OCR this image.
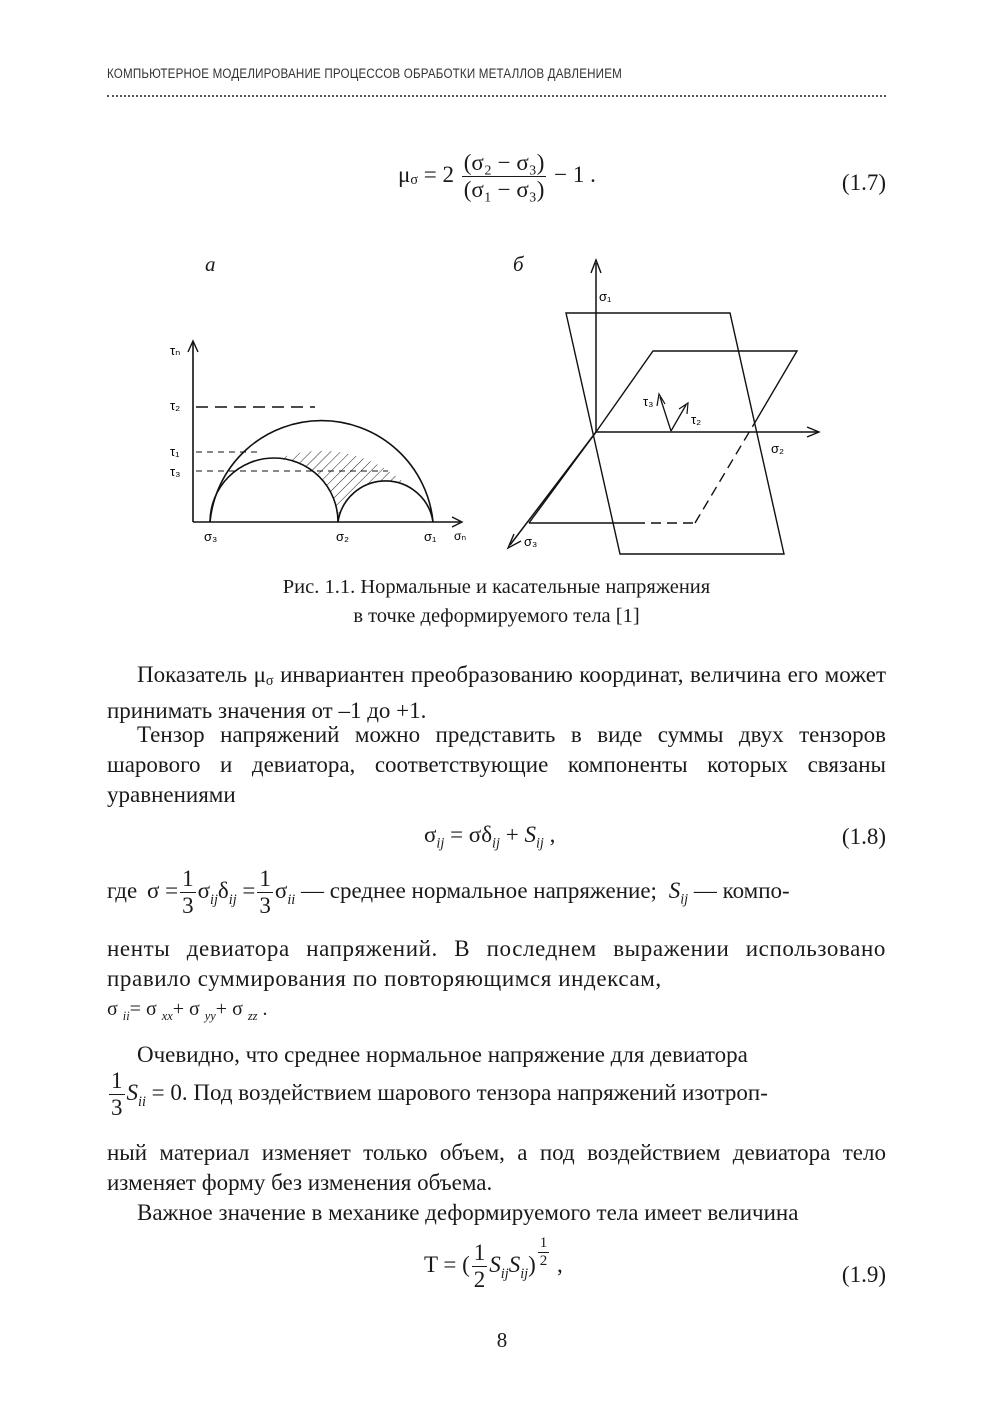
КОМПЬЮТЕРНОЕ МОДЕЛИРОВАНИЕ ПРОЦЕССОВ ОБРАБОТКИ МЕТАЛЛОВ ДАВЛЕНИЕМ
$\mu_\sigma = 2 \frac{\text{(σ₂ − σ₃)}}{\text{(σ₁ − σ₃)}} - 1$ .	(1.7)
а	б
τₙ
τ₂
τ₁
τ₃
σ₃	σ₂	σ₁ σₙ
σ₁
σ₂
σ₃
τ₃
τ₂
Рис. 1.1. Нормальные и касательные напряжения
в точке деформируемого тела [1]
Показатель $\mu_\sigma$ инвариантен преобразованию координат, величина его может принимать значения от –1 до +1.
Тензор напряжений можно представить в виде суммы двух тензоров шарового и девиатора, соответствующие компоненты которых связаны уравнениями
$\sigma_{ij} = \sigma\delta_{ij} + S_{ij}$ ,	(1.8)
где $\sigma = \frac{1}{3} \sigma_{ij}\delta_{ij} = \frac{1}{3} \sigma_{ii}$ — среднее нормальное напряжение; $S_{ij}$ — компо-
ненты девиатора напряжений. В последнем выражении использовано правило суммирования по повторяющимся индексам,
σ $_{ii}$= σ $_{xx}$+ σ $_{yy}$+ σ $_{zz}$ .
Очевидно, что среднее нормальное напряжение для девиатора
$\frac{1}{3} S_{ii} = 0$. Под воздействием шарового тензора напряжений изотроп-
ный материал изменяет только объем, а под воздействием девиатора тело изменяет форму без изменения объема.
Важное значение в механике деформируемого тела имеет величина
T = ( $\frac{1}{2} S_{ij}S_{ij}$) $^{\frac{1}{2}}$ ,	(1.9)
8
